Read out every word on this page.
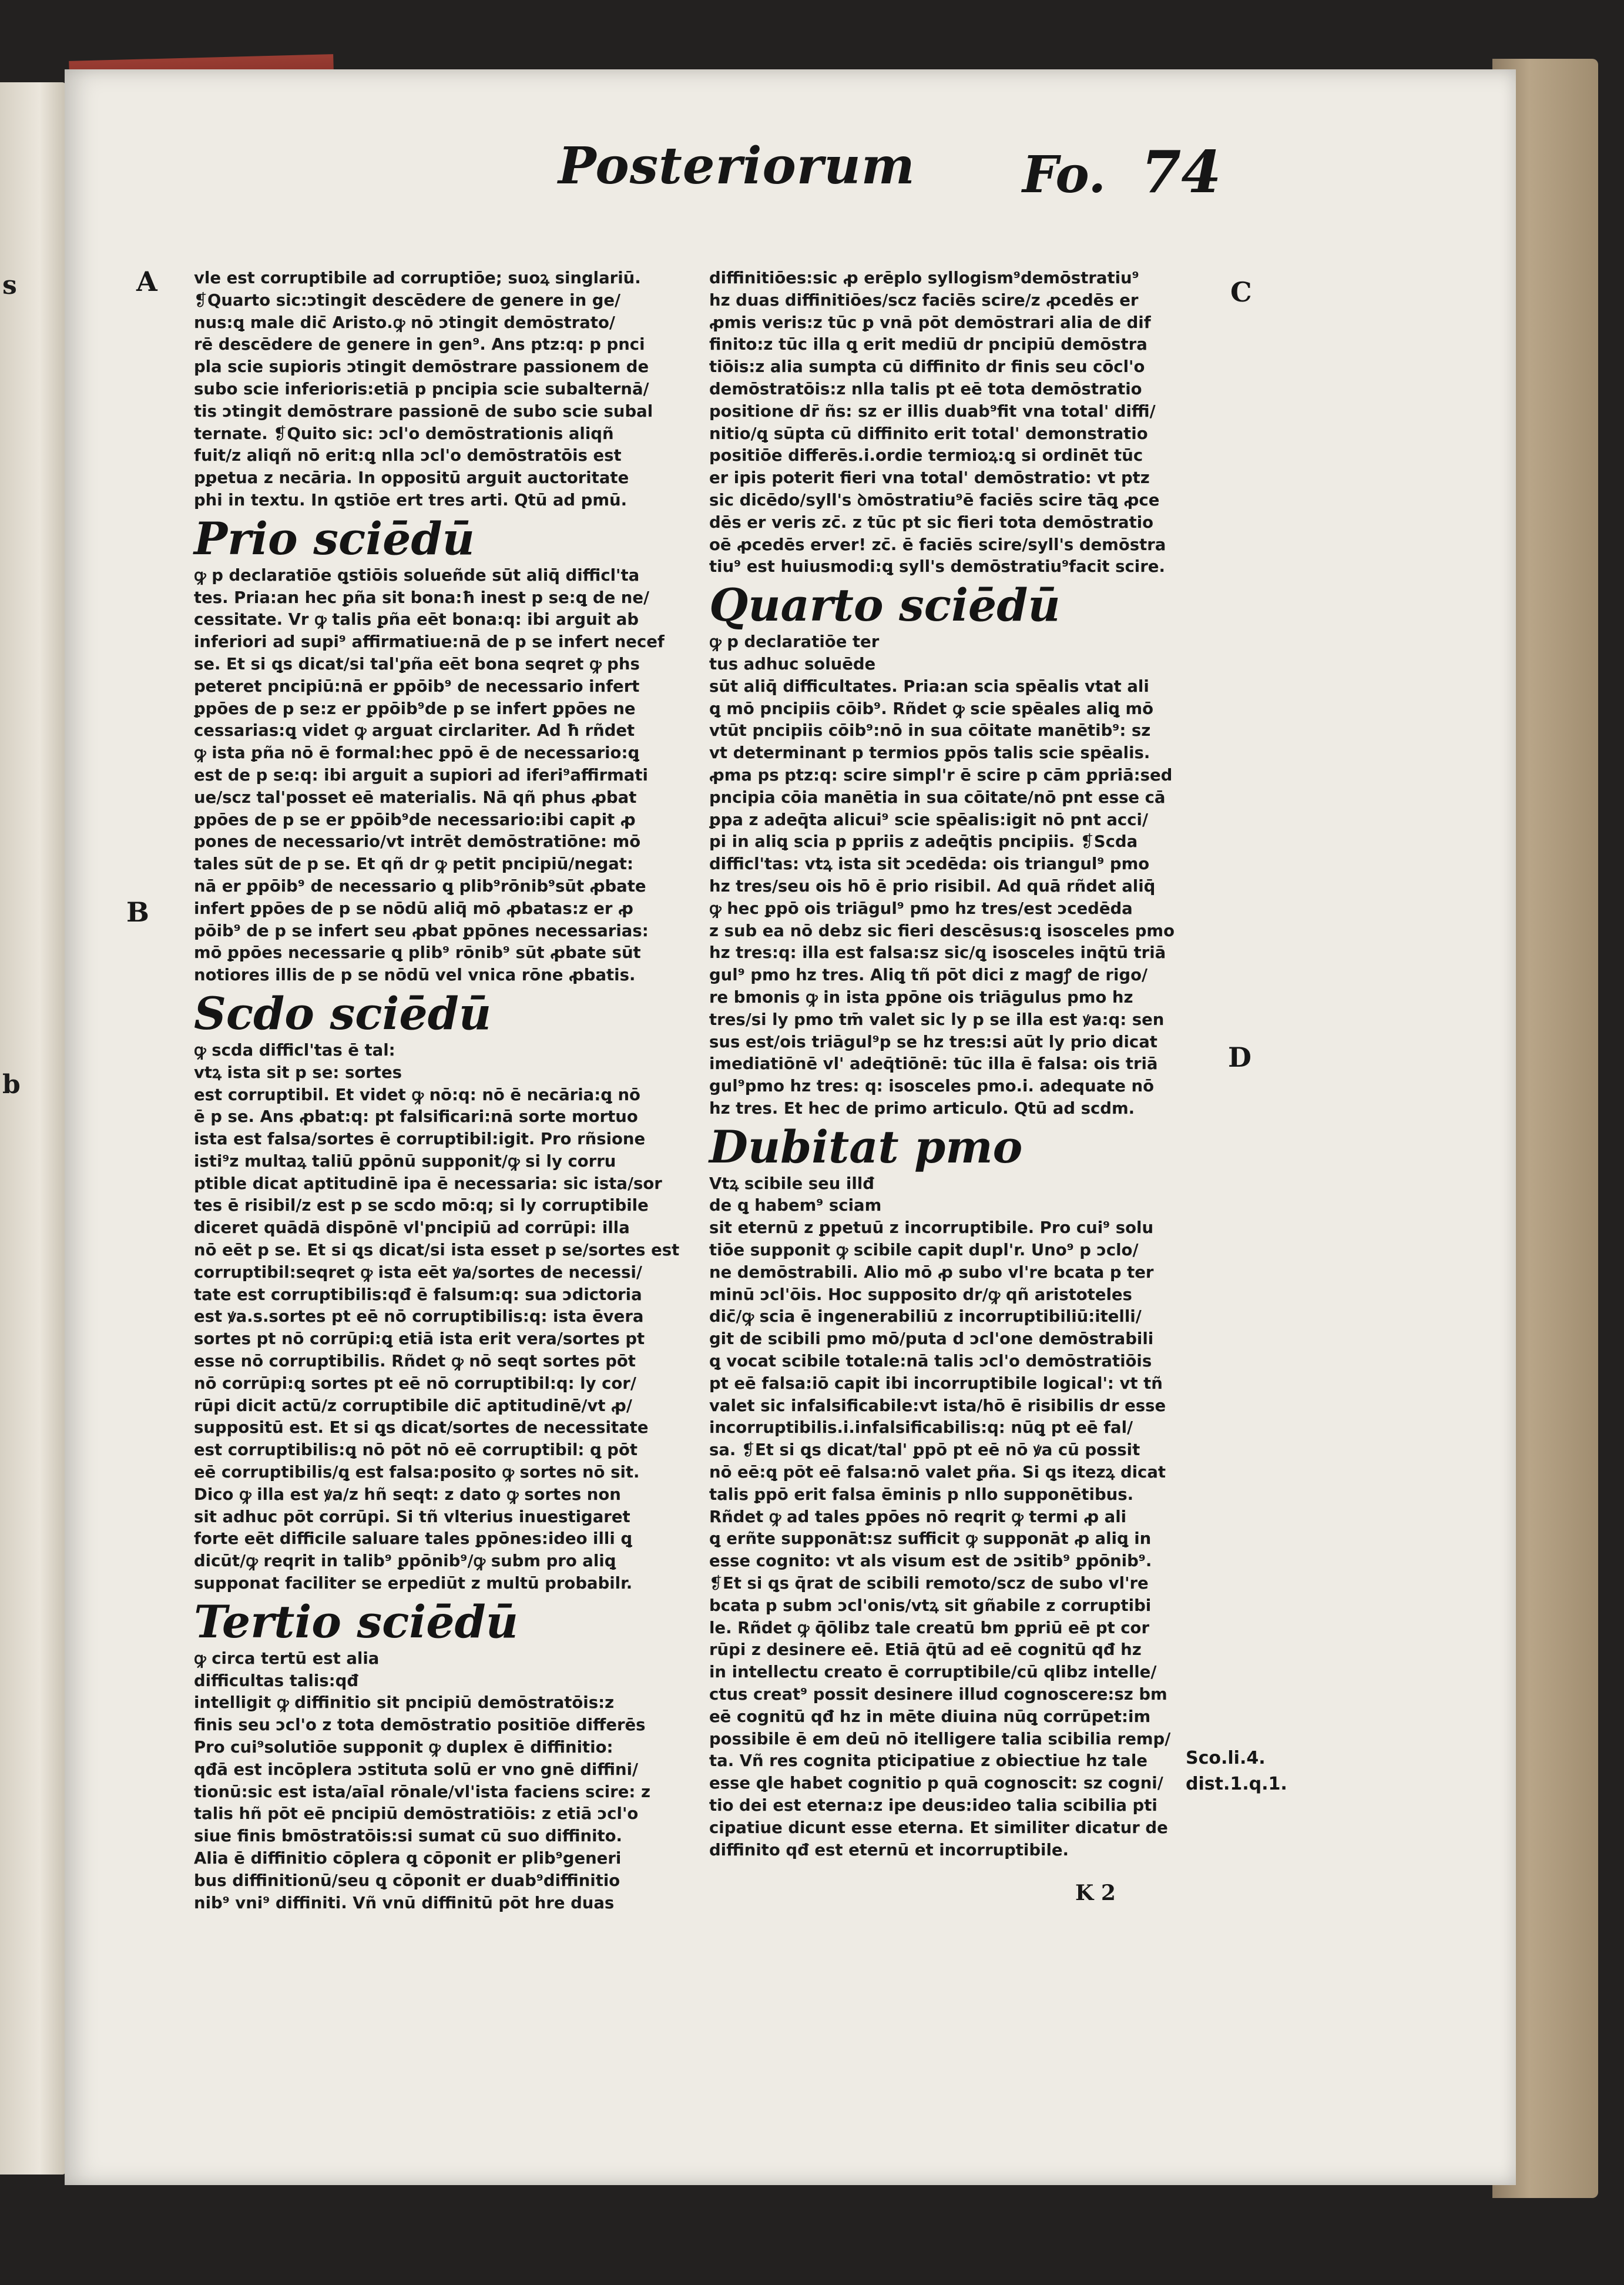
s
b
Posteriorum Fo. 74
A
B
C
D

vle est corruptibile ad corruptiōe; suoꝝ singlariū.
❡Quarto sic:ↄtingit descēdere de genere in ge/
nus:ꝗ male dic̄ Aristo.ꝙ nō ↄtingit demōstrato/
rē descēdere de genere in gen⁹. Ans ptz:q: p pnci
pla scie supioris ↄtingit demōstrare passionem de
subo scie inferioris:etiā p pncipia scie subalternā/
tis ↄtingit demōstrare passionē de subo scie subal
ternate. ❡Quito sic: ↄcl'o demōstrationis aliqñ
fuit/z aliqñ nō erit:ꝗ nlla ↄcl'o demōstratōis est
pꝑetua z necāria. In oppositū arguit auctoritate
phi in textu. In ꝗstiōe ert tres arti. Qtū ad pmū.

Prio sciēdū

ꝙ p declaratiōe ꝗstiōis solueñde sūt aliq̄ difficl'ta
tes. Pria:an hec ꝑña sit bona:ħ inest p se:ꝗ de ne/
cessitate. Vr ꝙ talis ꝑña eēt bona:q: ibi arguit ab
inferiori ad supi⁹ affirmatiue:nā de p se infert necef
se. Et si ꝗs dicat/si tal'ꝑña eēt bona seqret ꝙ phs
peteret pncipiū:nā er ꝑpōib⁹ de necessario infert
ꝑpōes de p se:z er ꝑpōib⁹de p se infert ꝑpōes ne
cessarias:ꝗ videt ꝙ arguat circlariter. Ad ħ rñdet
ꝙ ista ꝑña nō ē formal:hec ꝑpō ē de necessario:ꝗ
est de p se:q: ibi arguit a supiori ad iferi⁹affirmati
ue/scz tal'posset eē materialis. Nā qñ phus ꝓbat
ꝑpōes de p se er ꝑpōib⁹de necessario:ibi capit ꝓ
pones de necessario/vt intrēt demōstratiōne: mō
tales sūt de p se. Et qñ dr ꝙ petit pncipiū/negat:
nā er ꝑpōib⁹ de necessario ꝗ plib⁹rōnib⁹sūt ꝓbate
infert ꝑpōes de p se nōdū aliq̄ mō ꝓbatas:z er ꝓ
pōib⁹ de p se infert seu ꝓbat ꝑpōnes necessarias:
mō ꝑpōes necessarie ꝗ plib⁹ rōnib⁹ sūt ꝓbate sūt
notiores illis de p se nōdū vel vnica rōne ꝓbatis.

Scdo sciēdū

ꝙ scda difficl'tas ē tal:
vtꝝ ista sit p se: sortes
est corruptibil. Et videt ꝙ nō:q: nō ē necāria:ꝗ nō
ē p se. Ans ꝓbat:q: pt falsificari:nā sorte mortuo
ista est falsa/sortes ē corruptibil:igit. Pro rñsione
isti⁹z multaꝝ taliū ꝑpōnū supponit/ꝙ si ly corru
ptible dicat aptitudinē ipa ē necessaria: sic ista/sor
tes ē risibil/z est p se scdo mō:q; si ly corruptibile
diceret quādā dispōnē vl'pncipiū ad corrūpi: illa
nō eēt p se. Et si ꝗs dicat/si ista esset p se/sortes est
corruptibil:seqret ꝙ ista eēt ꝟa/sortes de necessi/
tate est corruptibilis:qđ ē falsum:q: sua ↄdictoria
est ꝟa.s.sortes pt eē nō corruptibilis:q: ista ēvera
sortes pt nō corrūpi:ꝗ etiā ista erit vera/sortes pt
esse nō corruptibilis. Rñdet ꝙ nō seqt sortes pōt
nō corrūpi:ꝗ sortes pt eē nō corruptibil:q: ly cor/
rūpi dicit actū/z corruptibile dic̄ aptitudinē/vt ꝓ/
suppositū est. Et si ꝗs dicat/sortes de necessitate
est corruptibilis:ꝗ nō pōt nō eē corruptibil: ꝗ pōt
eē corruptibilis/ꝗ est falsa:posito ꝙ sortes nō sit.
Dico ꝙ illa est ꝟa/z hñ seqt: z dato ꝙ sortes non
sit adhuc pōt corrūpi. Si tñ vlterius inuestigaret
forte eēt difficile saluare tales ꝑpōnes:ideo illi ꝗ
dicūt/ꝙ reqrit in talib⁹ ꝑpōnib⁹/ꝙ subm pro aliꝗ
supponat faciliter se erpediūt z multū probabilr.

Tertio sciēdū

ꝙ circa tertū est alia
difficultas talis:qđ
intelligit ꝙ diffinitio sit pncipiū demōstratōis:z
finis seu ↄcl'o z tota demōstratio positiōe differēs
Pro cui⁹solutiōe supponit ꝙ duplex ē diffinitio:
qđā est incōplera ↄstituta solū er vno gnē diffini/
tionū:sic est ista/aīal rōnale/vl'ista faciens scire: z
talis hñ pōt eē pncipiū demōstratiōis: z etiā ↄcl'o
siue finis bmōstratōis:si sumat cū suo diffinito.
Alia ē diffinitio cōplera ꝗ cōponit er plib⁹generi
bus diffinitionū/seu ꝗ cōponit er duab⁹diffinitio
nib⁹ vni⁹ diffiniti. Vñ vnū diffinitū pōt hre duas

diffinitiōes:sic ꝓ erēplo syllogism⁹demōstratiu⁹
hz duas diffinitiōes/scz faciēs scire/z ꝓcedēs er
ꝓmis veris:z tūc ꝑ vnā pōt demōstrari alia de dif
finito:z tūc illa ꝗ erit mediū dr pncipiū demōstra
tiōis:z alia sumpta cū diffinito dr finis seu cōcl'o
demōstratōis:z nlla talis pt eē tota demōstratio
positione dr̄ ñs: sz er illis duab⁹fit vna total' diffi/
nitio/ꝗ sūpta cū diffinito erit total' demonstratio
positiōe differēs.i.ordie termioꝝ:ꝗ si ordinēt tūc
er ipis poterit fieri vna total' demōstratio: vt ptz
sic dicēdo/syll's ꝺmōstratiu⁹ē faciēs scire tāꝗ ꝓce
dēs er veris zc̄. z tūc pt sic fieri tota demōstratio
oē ꝓcedēs erver! zc̄. ē faciēs scire/syll's demōstra
tiu⁹ est huiusmodi:ꝗ syll's demōstratiu⁹facit scire.

Quarto sciēdū

ꝙ p declaratiōe ter
tus adhuc soluēde
sūt aliq̄ difficultates. Pria:an scia spēalis vtat ali
ꝗ mō pncipiis cōib⁹. Rñdet ꝙ scie spēales aliꝗ mō
vtūt pncipiis cōib⁹:nō in sua cōitate manētib⁹: sz
vt determinant p termios ꝑpōs talis scie spēalis.
ꝓma ps ptz:q: scire simpl'r ē scire p cām ꝑpriā:sed
pncipia cōia manētia in sua cōitate/nō pnt esse cā
ꝑpa z adeq̄ta alicui⁹ scie spēalis:igit nō pnt acci/
pi in aliꝗ scia p ꝑpriis z adeq̄tis pncipiis. ❡Scda
difficl'tas: vtꝝ ista sit ↄcedēda: ois triangul⁹ pmo
hz tres/seu ois hō ē prio risibil. Ad quā rñdet aliq̄
ꝙ hec ꝑpō ois triāgul⁹ pmo hz tres/est ↄcedēda
z sub ea nō debz sic fieri descēsus:ꝗ isosceles pmo
hz tres:q: illa est falsa:sz sic/ꝗ isosceles inq̄tū triā
gul⁹ pmo hz tres. Aliꝗ tñ pōt dici z magꝭ de rigo/
re bmonis ꝙ in ista ꝑpōne ois triāgulus pmo hz
tres/si ly pmo tm̄ valet sic ly p se illa est ꝟa:q: sen
sus est/ois triāgul⁹p se hz tres:si aūt ly prio dicat
imediatiōnē vl' adeq̄tiōnē: tūc illa ē falsa: ois triā
gul⁹pmo hz tres: q: isosceles pmo.i. adequate nō
hz tres. Et hec de primo articulo. Qtū ad scdm.

Dubitat pmo

Vtꝝ scibile seu illđ
de ꝗ habem⁹ sciam
sit eternū z ꝑpetuū z incorruptibile. Pro cui⁹ solu
tiōe supponit ꝙ scibile capit dupl'r. Uno⁹ p ↄclo/
ne demōstrabili. Alio mō ꝓ subo vl're bcata p ter
minū ↄcl'ōis. Hoc supposito dr/ꝙ qñ aristoteles
dic̄/ꝙ scia ē ingenerabiliū z incorruptibiliū:itelli/
git de scibili pmo mō/puta d ↄcl'one demōstrabili
ꝗ vocat scibile totale:nā talis ↄcl'o demōstratiōis
pt eē falsa:iō capit ibi incorruptibile logical': vt tñ
valet sic infalsificabile:vt ista/hō ē risibilis dr esse
incorruptibilis.i.infalsificabilis:q: nūꝗ pt eē fal/
sa. ❡Et si ꝗs dicat/tal' ꝑpō pt eē nō ꝟa cū possit
nō eē:ꝗ pōt eē falsa:nō valet ꝑña. Si ꝗs itezꝝ dicat
talis ꝑpō erit falsa ēminis p nllo supponētibus.
Rñdet ꝙ ad tales ꝑpōes nō reqrit ꝙ termi ꝓ ali
ꝗ erñte supponāt:sz sufficit ꝙ supponāt ꝓ aliꝗ in
esse cognito: vt als visum est de ↄsitib⁹ ꝑpōnib⁹.
❡Et si ꝗs q̄rat de scibili remoto/scz de subo vl're
bcata p subm ↄcl'onis/vtꝝ sit gñabile z corruptibi
le. Rñdet ꝙ q̄ōlibz tale creatū bm ꝑpriū eē pt cor
rūpi z desinere eē. Etiā q̄tū ad eē cognitū qđ hz
in intellectu creato ē corruptibile/cū qlibz intelle/
ctus creat⁹ possit desinere illud cognoscere:sz bm
eē cognitū qđ hz in mēte diuina nūꝗ corrūpet:im
possibile ē em deū nō itelligere talia scibilia remp/
ta. Vñ res cognita pticipatiue z obiectiue hz tale
esse ꝗle habet cognitio p quā cognoscit: sz cogni/
tio dei est eterna:z ipe deus:ideo talia scibilia pti
cipatiue dicunt esse eterna. Et similiter dicatur de
diffinito qđ est eternū et incorruptibile.

Sco.li.4.
dist.1.q.1.
K 2
